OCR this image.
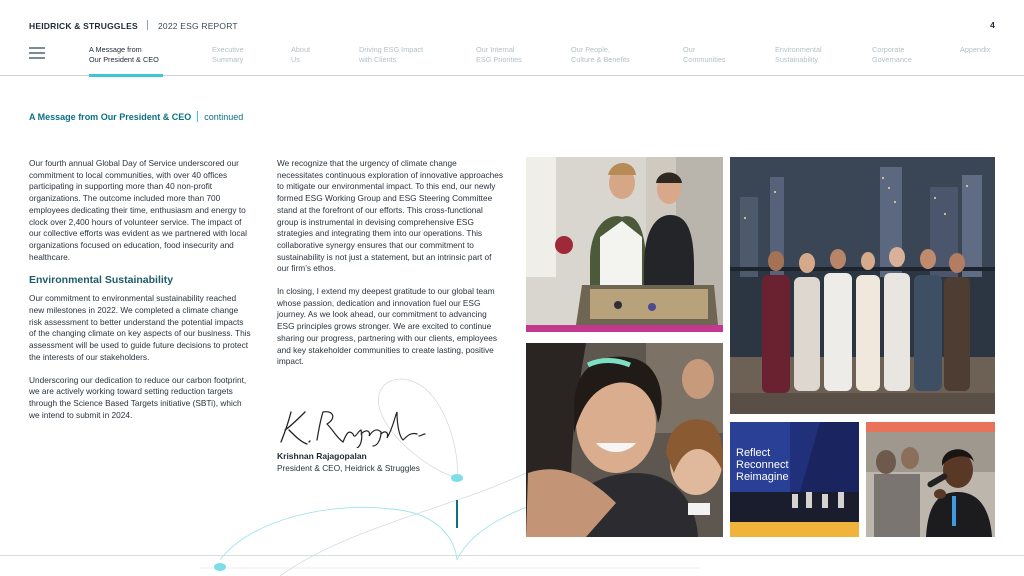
HEIDRICK & STRUGGLES 2022 ESG REPORT	4
A Message from
Our President & CEO
Executive
Summary
About
Us
Driving ESG Impact
with Clients
Our Internal
ESG Priorities
Our People,
Culture & Benefits
Our
Communities
Environmental
Sustainability
Corporate
Governance
Appendix
A Message from Our President & CEO continued

Our fourth annual Global Day of Service underscored our commitment to local communities, with over 40 offices participating in supporting more than 40 non-profit organizations. The outcome included more than 700 employees dedicating their time, enthusiasm and energy to clock over 2,400 hours of volunteer service. The impact of our collective efforts was evident as we partnered with local organizations focused on education, food insecurity and healthcare.

Environmental Sustainability

Our commitment to environmental sustainability reached new milestones in 2022. We completed a climate change risk assessment to better understand the potential impacts of the changing climate on key aspects of our business. This assessment will be used to guide future decisions to protect the interests of our stakeholders.

Underscoring our dedication to reduce our carbon footprint, we are actively working toward setting reduction targets through the Science Based Targets initiative (SBTi), which we intend to submit in 2024.

We recognize that the urgency of climate change necessitates continuous exploration of innovative approaches to mitigate our environmental impact. To this end, our newly formed ESG Working Group and ESG Steering Committee stand at the forefront of our efforts. This cross-functional group is instrumental in devising comprehensive ESG strategies and integrating them into our operations. This collaborative synergy ensures that our commitment to sustainability is not just a statement, but an intrinsic part of our firm’s ethos.

In closing, I extend my deepest gratitude to our global team whose passion, dedication and innovation fuel our ESG journey. As we look ahead, our commitment to advancing ESG principles grows stronger. We are excited to continue sharing our progress, partnering with our clients, employees and key stakeholder communities to create lasting, positive impact.

K. Rajagopalan
Krishnan Rajagopalan
President & CEO, Heidrick & Struggles
Reflect
Reconnect
Reimagine
